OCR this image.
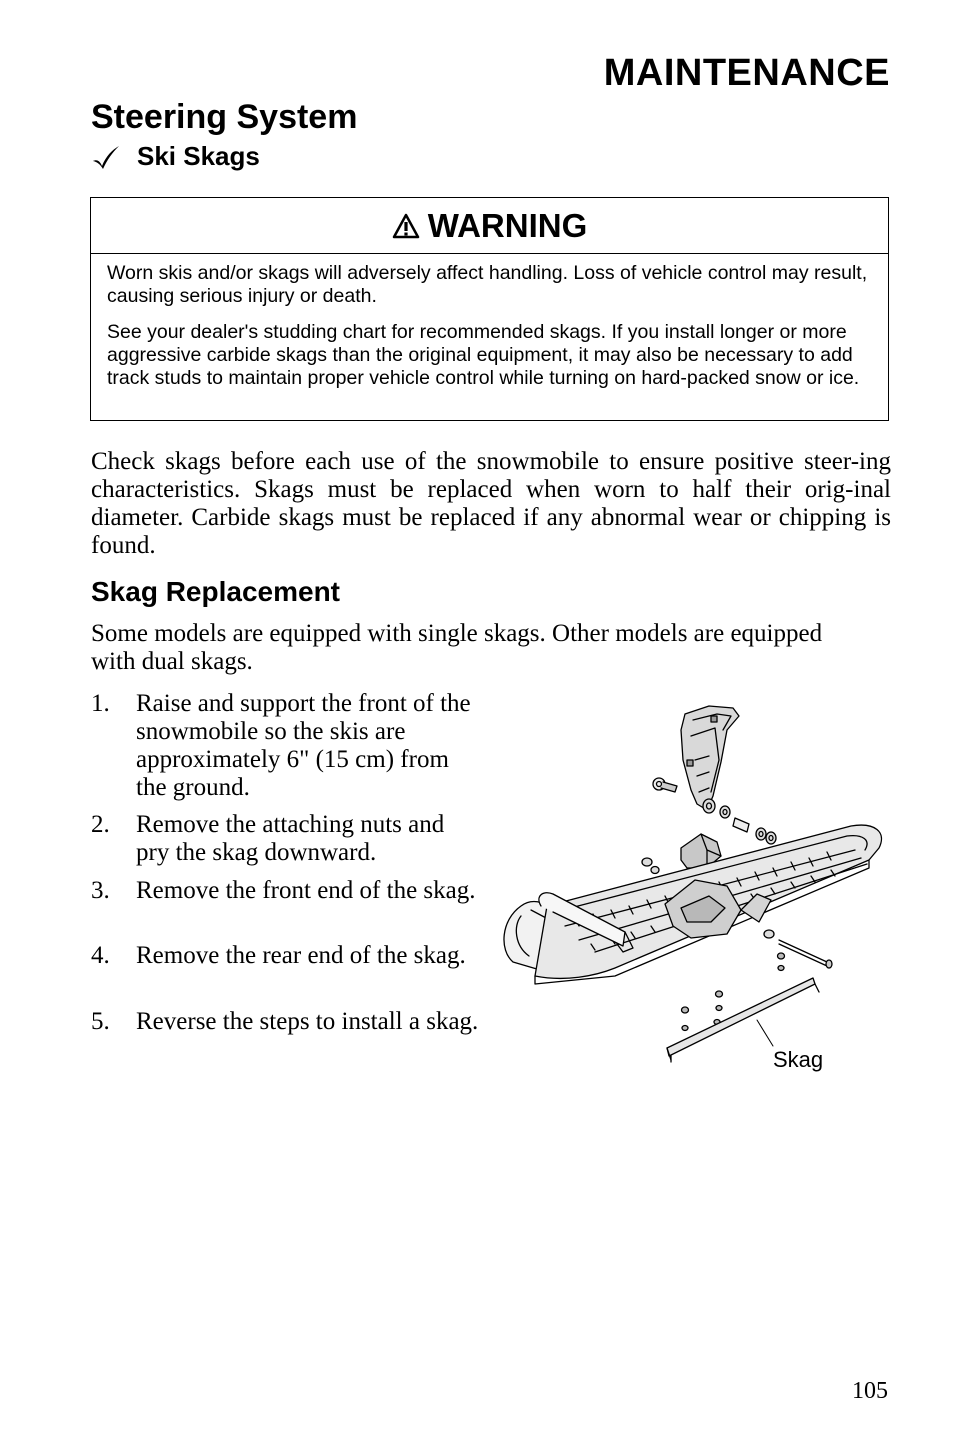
MAINTENANCE
Steering System
Ski Skags
WARNING

Worn skis and/or skags will adversely affect handling. Loss of vehicle control may result, causing serious injury or death.

See your dealer's studding chart for recommended skags. If you install longer or more aggressive carbide skags than the original equipment, it may also be necessary to add track studs to maintain proper vehicle control while turning on hard-packed snow or ice.

Check skags before each use of the snowmobile to ensure positive steer-ing characteristics. Skags must be replaced when worn to half their orig-inal diameter. Carbide skags must be replaced if any abnormal wear or chipping is found.

Skag Replacement

Some models are equipped with single skags. Other models are equipped with dual skags.

1. Raise and support the front of the snowmobile so the skis are approximately 6" (15 cm) from the ground.
2. Remove the attaching nuts and pry the skag downward.
3. Remove the front end of the skag.
4. Remove the rear end of the skag.
5. Reverse the steps to install a skag.
Skag
105
